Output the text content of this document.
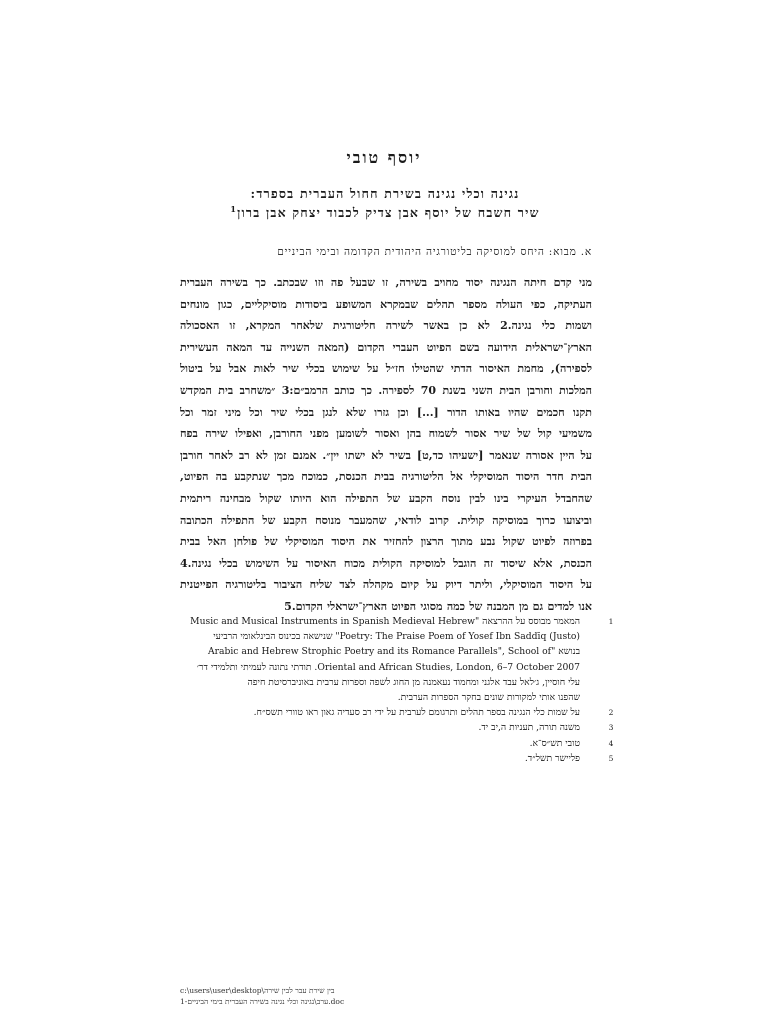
יוסף טובי
נגינה וכלי נגינה בשירת חחול העברית בספרד:
שיר חשבח של יוסף אבן צדיק לכבוד יצחק אבן ברון$^1$
א. מבוא: היחס למוסיקה בליטורגיה היהודית הקדומה ובימי הביניים
מני קדם חיתה הנגינה יסוד מחויב בשירה, זו שבעל פה וזו שבכתב. כך בשירה העברית
העתיקה, כפי העולה מספר תהלים שבמקרא המשופע ביסודות מוסיקליים, כגון מונחים
ושמות כלי נגינה.2 לא כן באשר לשירה חליטורגית שלאחר המקרא, זו האסכולה
הארץ־ישראלית הידועה בשם הפיוט העברי הקדום (המאה השנייה עד המאה העשירית
לספירה), מחמת האיסור הדתי שהטילו חז״ל על שימוש בכלי שיר לאות אבל על ביטול
המלכות וחורבן הבית השני בשנת 70 לספירה. כך כותב הרמב״ם:3 ״משחרב בית המקדש
תקנו חכמים שהיו באותו הדור [...] וכן גזרו שלא לנגן בכלי שיר וכל מיני זמר וכל
משמיעי קול של שיר אסור לשמוח בהן ואסור לשומען מפני החורבן, ואפילו שירה בפח
על היין אסורה שנאמר [ישעיהו כד,ט] בשיר לא ישתו יין״. אמנם זמן לא רב לאחר חורבן
הבית חדר היסוד המוסיקלי אל הליטורגיה בבית הכנסת, כמוכח מכך שנתקבע בה הפיוט,
שהחבדל העיקרי בינו לבין נוסח הקבע של התפילה הוא היותו שקול מבחינה ריתמית
וביצועו כרוך במוסיקה קולית. קרוב לודאי, שהמעבר מנוסח הקבע של התפילה הכתובה
בפרוזה לפיוט שקול נבע מתוך הרצון להחזיר את היסוד המוסיקלי של פולחן האל בבית
הכנסת, אלא שיסוד זה הוגבל למוסיקה הקולית מכוח האיסור על השימוש בכלי נגינה.4
על היסוד המוסיקלי, וליתר דיוק על קיום מקהלה לצד שליח הציבור בליטורגיה הפייטנית
אנו למדים גם מן המבנה של כמה מסוגי הפיוט הארץ־ישראלי הקדום.5
1
המאמר מבוסס על ההרצאה "Music and Musical Instruments in Spanish Medieval Hebrew
Poetry: The Praise Poem of Yosef Ibn Saddīq (Justo)" שנישאה בכינוס הבינלאומי הרביעי
בנושא "Arabic and Hebrew Strophic Poetry and its Romance Parallels", School of
Oriental and African Studies, London, 6–7 October 2007. תודתי נתונה לעמיתי ותלמידי דר׳
עלי חוסיין, ג׳לאל עבד אלגני ומחמוד נעאמנה מן החוג לשפה וספרות ערבית באוניברסיטת חיפה
שהפנו אותי למקורות שונים בחקר הספרות הערבית.
2
על שמות כלי הנגינה בספר תהלים ותרגומם לערבית על ידי רב סעדיה גאון ראו טוורי תשס״ח.
3
משנה תורה, תעניות ה,יב יד.
4
טובי תש״ס־א.
5
פליישר תשל״ד.
c:\users\user\desktop\בין שירת עבר לבין שירה
ערב\נגינה וכלי נגינה בשירה העברית בימי הביניים-1.doc
